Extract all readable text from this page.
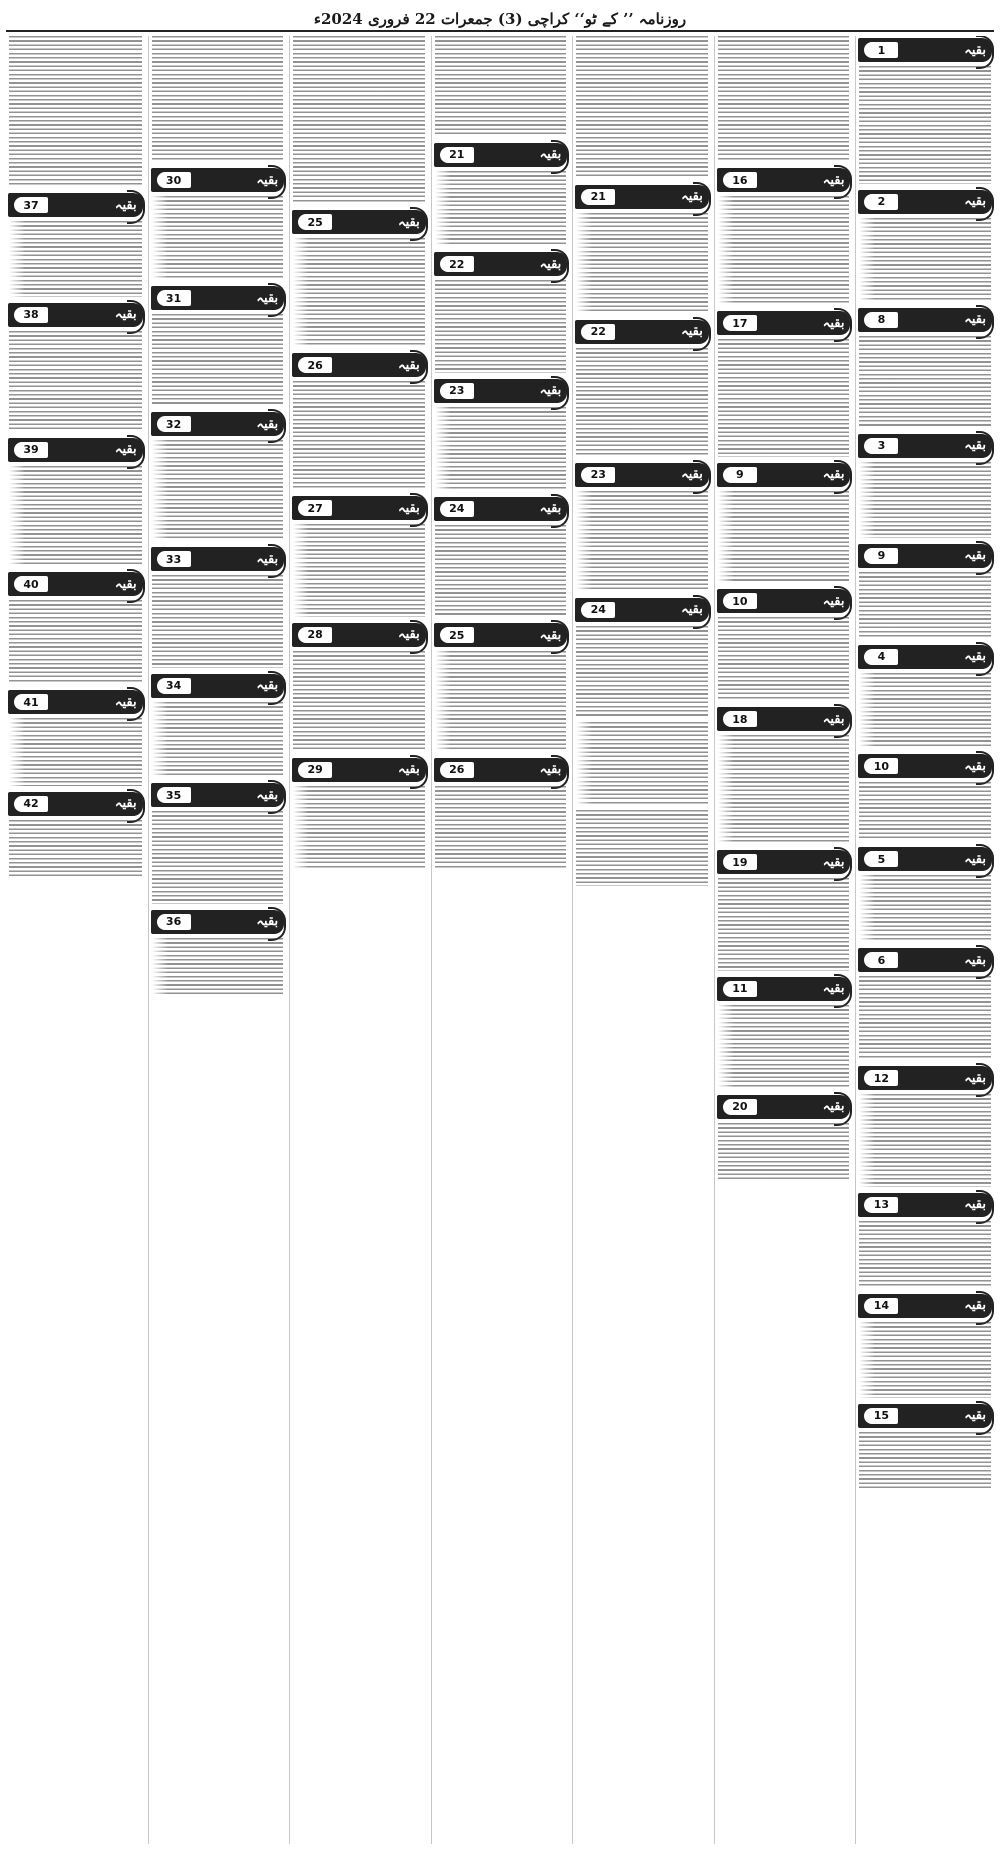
روزنامہ ’’ کے ٹو‘‘ کراچی (3) جمعرات 22 فروری 2024ء
1	بقیہ
2	بقیہ
8	بقیہ
3	بقیہ
9	بقیہ
4	بقیہ
10	بقیہ
5	بقیہ
6	بقیہ
12	بقیہ
13	بقیہ
14	بقیہ
15	بقیہ
16	بقیہ
17	بقیہ
9	بقیہ
10	بقیہ
18	بقیہ
19	بقیہ
11	بقیہ
20	بقیہ
21	بقیہ
22	بقیہ
23	بقیہ
24	بقیہ
21	بقیہ
22	بقیہ
23	بقیہ
24	بقیہ
25	بقیہ
26	بقیہ
25	بقیہ
26	بقیہ
27	بقیہ
28	بقیہ
29	بقیہ
30	بقیہ
31	بقیہ
32	بقیہ
33	بقیہ
34	بقیہ
35	بقیہ
36	بقیہ
37	بقیہ
38	بقیہ
39	بقیہ
40	بقیہ
41	بقیہ
42	بقیہ
